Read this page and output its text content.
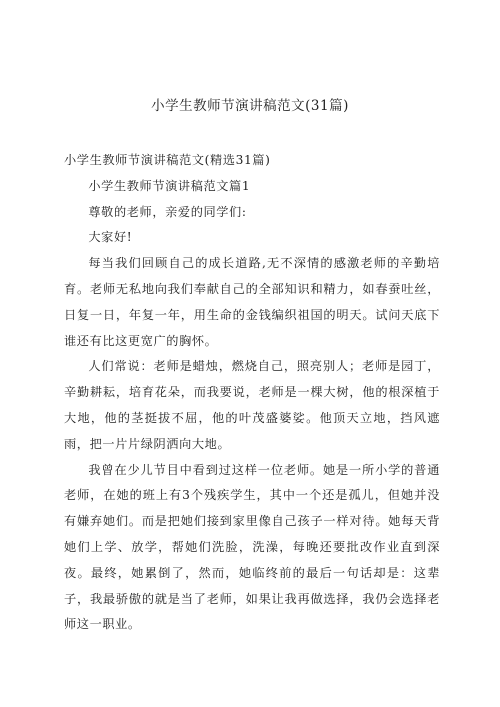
小学生教师节演讲稿范文(31篇)

小学生教师节演讲稿范文(精选31篇)

小学生教师节演讲稿范文篇1

尊敬的老师，亲爱的同学们:

大家好!

每当我们回顾自己的成长道路,无不深情的感激老师的辛勤培育。老师无私地向我们奉献自己的全部知识和精力，如春蚕吐丝，日复一日，年复一年，用生命的金钱编织祖国的明天。试问天底下谁还有比这更宽广的胸怀。

人们常说：老师是蜡烛，燃烧自己，照亮别人；老师是园丁，辛勤耕耘，培育花朵，而我要说，老师是一棵大树，他的根深植于大地，他的茎挺拔不屈，他的叶茂盛婆娑。他顶天立地，挡风遮雨，把一片片绿阴洒向大地。

我曾在少儿节目中看到过这样一位老师。她是一所小学的普通老师，在她的班上有3个残疾学生，其中一个还是孤儿，但她并没有嫌弃她们。而是把她们接到家里像自己孩子一样对待。她每天背她们上学、放学，帮她们洗脸，洗澡，每晚还要批改作业直到深夜。最终，她累倒了，然而，她临终前的最后一句话却是：这辈子，我最骄傲的就是当了老师，如果让我再做选择，我仍会选择老师这一职业。
